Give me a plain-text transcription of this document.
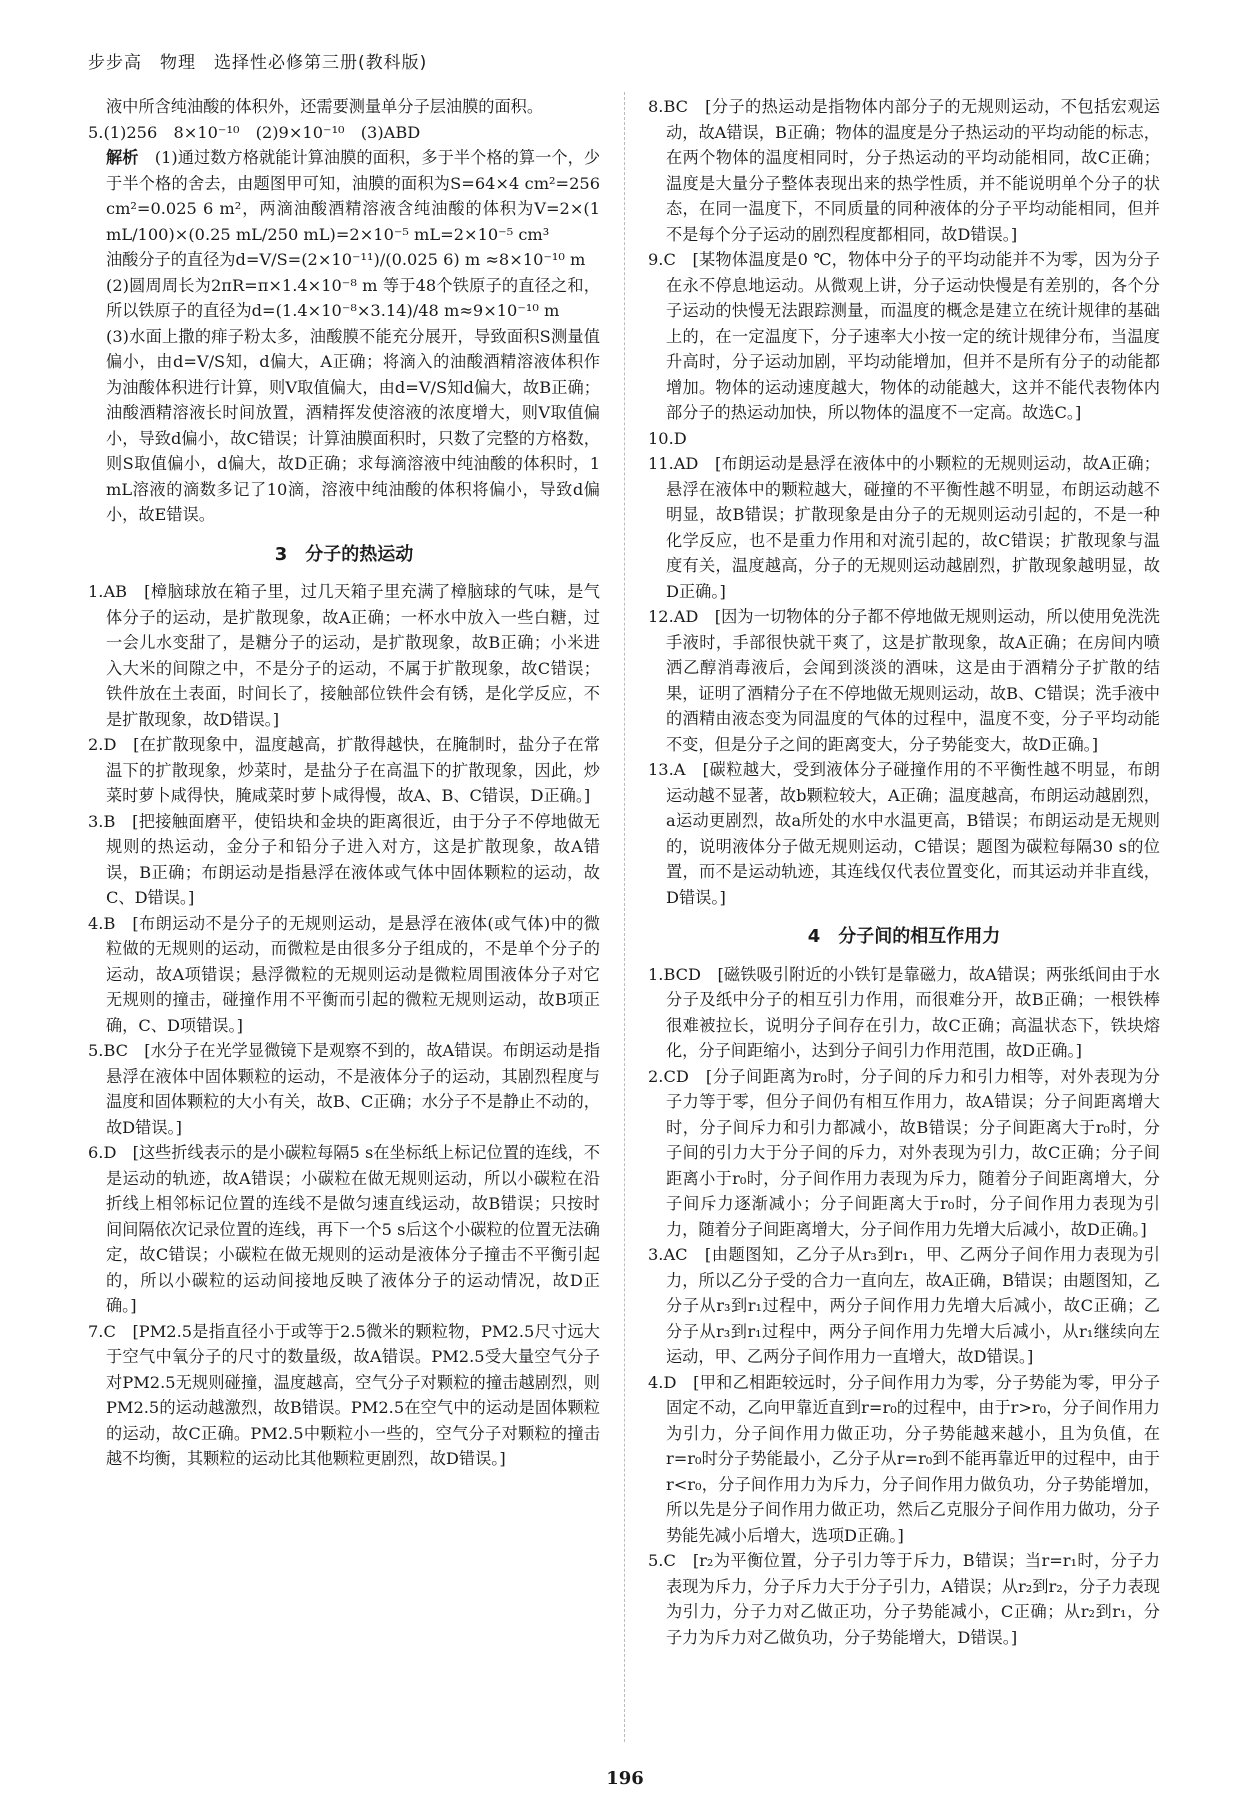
步步高　物理　选择性必修第三册(教科版)

液中所含纯油酸的体积外，还需要测量单分子层油膜的面积。

5.(1)256　8×10⁻¹⁰　(2)9×10⁻¹⁰　(3)ABD

解析　 (1)通过数方格就能计算油膜的面积，多于半个格的算一个，少于半个格的舍去，由题图甲可知，油膜的面积为S=64×4 cm²=256 cm²=0.025 6 m²，两滴油酸酒精溶液含纯油酸的体积为V=2×(1 mL/100)×(0.25 mL/250 mL)=2×10⁻⁵ mL=2×10⁻⁵ cm³

油酸分子的直径为d=V/S=(2×10⁻¹¹)/(0.025 6) m ≈8×10⁻¹⁰ m

(2)圆周周长为2πR=π×1.4×10⁻⁸ m 等于48个铁原子的直径之和，所以铁原子的直径为d=(1.4×10⁻⁸×3.14)/48 m≈9×10⁻¹⁰ m

(3)水面上撒的痱子粉太多，油酸膜不能充分展开，导致面积S测量值偏小，由d=V/S知，d偏大，A正确；将滴入的油酸酒精溶液体积作为油酸体积进行计算，则V取值偏大，由d=V/S知d偏大，故B正确；油酸酒精溶液长时间放置，酒精挥发使溶液的浓度增大，则V取值偏小，导致d偏小，故C错误；计算油膜面积时，只数了完整的方格数，则S取值偏小，d偏大，故D正确；求每滴溶液中纯油酸的体积时，1 mL溶液的滴数多记了10滴，溶液中纯油酸的体积将偏小，导致d偏小，故E错误。

3　分子的热运动

1.AB　[樟脑球放在箱子里，过几天箱子里充满了樟脑球的气味，是气体分子的运动，是扩散现象，故A正确；一杯水中放入一些白糖，过一会儿水变甜了，是糖分子的运动，是扩散现象，故B正确；小米进入大米的间隙之中，不是分子的运动，不属于扩散现象，故C错误；铁件放在土表面，时间长了，接触部位铁件会有锈，是化学反应，不是扩散现象，故D错误。]

2.D　[在扩散现象中，温度越高，扩散得越快，在腌制时，盐分子在常温下的扩散现象，炒菜时，是盐分子在高温下的扩散现象，因此，炒菜时萝卜咸得快，腌咸菜时萝卜咸得慢，故A、B、C错误，D正确。]

3.B　[把接触面磨平，使铅块和金块的距离很近，由于分子不停地做无规则的热运动，金分子和铅分子进入对方，这是扩散现象，故A错误，B正确；布朗运动是指悬浮在液体或气体中固体颗粒的运动，故C、D错误。]

4.B　[布朗运动不是分子的无规则运动，是悬浮在液体(或气体)中的微粒做的无规则的运动，而微粒是由很多分子组成的，不是单个分子的运动，故A项错误；悬浮微粒的无规则运动是微粒周围液体分子对它无规则的撞击，碰撞作用不平衡而引起的微粒无规则运动，故B项正确，C、D项错误。]

5.BC　[水分子在光学显微镜下是观察不到的，故A错误。布朗运动是指悬浮在液体中固体颗粒的运动，不是液体分子的运动，其剧烈程度与温度和固体颗粒的大小有关，故B、C正确；水分子不是静止不动的，故D错误。]

6.D　[这些折线表示的是小碳粒每隔5 s在坐标纸上标记位置的连线，不是运动的轨迹，故A错误；小碳粒在做无规则运动，所以小碳粒在沿折线上相邻标记位置的连线不是做匀速直线运动，故B错误；只按时间间隔依次记录位置的连线，再下一个5 s后这个小碳粒的位置无法确定，故C错误；小碳粒在做无规则的运动是液体分子撞击不平衡引起的，所以小碳粒的运动间接地反映了液体分子的运动情况，故D正确。]

7.C　[PM2.5是指直径小于或等于2.5微米的颗粒物，PM2.5尺寸远大于空气中氧分子的尺寸的数量级，故A错误。PM2.5受大量空气分子对PM2.5无规则碰撞，温度越高，空气分子对颗粒的撞击越剧烈，则PM2.5的运动越激烈，故B错误。PM2.5在空气中的运动是固体颗粒的运动，故C正确。PM2.5中颗粒小一些的，空气分子对颗粒的撞击越不均衡，其颗粒的运动比其他颗粒更剧烈，故D错误。]

8.BC　[分子的热运动是指物体内部分子的无规则运动，不包括宏观运动，故A错误，B正确；物体的温度是分子热运动的平均动能的标志，在两个物体的温度相同时，分子热运动的平均动能相同，故C正确；温度是大量分子整体表现出来的热学性质，并不能说明单个分子的状态，在同一温度下，不同质量的同种液体的分子平均动能相同，但并不是每个分子运动的剧烈程度都相同，故D错误。]

9.C　[某物体温度是0 ℃，物体中分子的平均动能并不为零，因为分子在永不停息地运动。从微观上讲，分子运动快慢是有差别的，各个分子运动的快慢无法跟踪测量，而温度的概念是建立在统计规律的基础上的，在一定温度下，分子速率大小按一定的统计规律分布，当温度升高时，分子运动加剧，平均动能增加，但并不是所有分子的动能都增加。物体的运动速度越大，物体的动能越大，这并不能代表物体内部分子的热运动加快，所以物体的温度不一定高。故选C。]

10.D

11.AD　[布朗运动是悬浮在液体中的小颗粒的无规则运动，故A正确；悬浮在液体中的颗粒越大，碰撞的不平衡性越不明显，布朗运动越不明显，故B错误；扩散现象是由分子的无规则运动引起的，不是一种化学反应，也不是重力作用和对流引起的，故C错误；扩散现象与温度有关，温度越高，分子的无规则运动越剧烈，扩散现象越明显，故D正确。]

12.AD　[因为一切物体的分子都不停地做无规则运动，所以使用免洗洗手液时，手部很快就干爽了，这是扩散现象，故A正确；在房间内喷洒乙醇消毒液后，会闻到淡淡的酒味，这是由于酒精分子扩散的结果，证明了酒精分子在不停地做无规则运动，故B、C错误；洗手液中的酒精由液态变为同温度的气体的过程中，温度不变，分子平均动能不变，但是分子之间的距离变大，分子势能变大，故D正确。]

13.A　[碳粒越大，受到液体分子碰撞作用的不平衡性越不明显，布朗运动越不显著，故b颗粒较大，A正确；温度越高，布朗运动越剧烈，a运动更剧烈，故a所处的水中水温更高，B错误；布朗运动是无规则的，说明液体分子做无规则运动，C错误；题图为碳粒每隔30 s的位置，而不是运动轨迹，其连线仅代表位置变化，而其运动并非直线，D错误。]

4　分子间的相互作用力

1.BCD　[磁铁吸引附近的小铁钉是靠磁力，故A错误；两张纸间由于水分子及纸中分子的相互引力作用，而很难分开，故B正确；一根铁棒很难被拉长，说明分子间存在引力，故C正确；高温状态下，铁块熔化，分子间距缩小，达到分子间引力作用范围，故D正确。]

2.CD　[分子间距离为r₀时，分子间的斥力和引力相等，对外表现为分子力等于零，但分子间仍有相互作用力，故A错误；分子间距离增大时，分子间斥力和引力都减小，故B错误；分子间距离大于r₀时，分子间的引力大于分子间的斥力，对外表现为引力，故C正确；分子间距离小于r₀时，分子间作用力表现为斥力，随着分子间距离增大，分子间斥力逐渐减小；分子间距离大于r₀时，分子间作用力表现为引力，随着分子间距离增大，分子间作用力先增大后减小，故D正确。]

3.AC　[由题图知，乙分子从r₃到r₁，甲、乙两分子间作用力表现为引力，所以乙分子受的合力一直向左，故A正确，B错误；由题图知，乙分子从r₃到r₁过程中，两分子间作用力先增大后减小，故C正确；乙分子从r₃到r₁过程中，两分子间作用力先增大后减小，从r₁继续向左运动，甲、乙两分子间作用力一直增大，故D错误。]

4.D　[甲和乙相距较远时，分子间作用力为零，分子势能为零，甲分子固定不动，乙向甲靠近直到r=r₀的过程中，由于r>r₀，分子间作用力为引力，分子间作用力做正功，分子势能越来越小，且为负值，在r=r₀时分子势能最小，乙分子从r=r₀到不能再靠近甲的过程中，由于r<r₀，分子间作用力为斥力，分子间作用力做负功，分子势能增加，所以先是分子间作用力做正功，然后乙克服分子间作用力做功，分子势能先减小后增大，选项D正确。]

5.C　[r₂为平衡位置，分子引力等于斥力，B错误；当r=r₁时，分子力表现为斥力，分子斥力大于分子引力，A错误；从r₂到r₂，分子力表现为引力，分子力对乙做正功，分子势能减小，C正确；从r₂到r₁，分子力为斥力对乙做负功，分子势能增大，D错误。]

196
